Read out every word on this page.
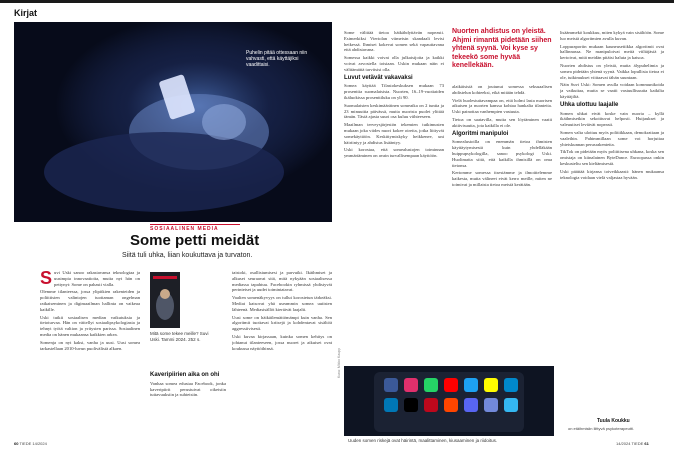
Kirjat
Puhelin pitää ottessaan niin vahvasti, että käyttäjiksi vaadittaisi.
SOSIAALINEN MEDIA
Some petti meidät
Siitä tuli uhka, liian koukuttava ja turvaton.
S uvi Uski sanoo rakastavansa teknologiaa ja uusimpia innovaatioita, mutta nyt hän on pettynyt: Some on pahasti vialla.

Olemme tilanteessa, jossa ylipitkien rakenteiden ja poliittisten valintojen tuottaman ongelman ratkaiseminen ja digimaailman hallinta on vaikeaa kaikille.

Uski tutkii sosiaalisen median vaikutuksia ja tietoturvaa. Hän on väitellyt sosiaalipsykologiasta ja tehnyt työtä valtion ja yritysten parissa. Sosiaalinen media on hänen mukaansa kaikkien arkea.

Somenja on nyt kaksi, vanha ja uusi. Uusi somea tarkastellaan 2010-luvun puolivälistä alkaen.

Mitä some tekee meille? Suvi Uski. Tammi 2024. 252 s.

taistoki, osallistumisesi ja parvuiki. Ikäihmiset ja alkuset seuraavat sitä, mitä nykyään sosiaalisessa mediassa tapahtuu. Facebookin ryhmissä yhdistyvät perinteiset ja uudet toimintatavat.

Vaalien somenäkyvyys on tullut korostetun tärkeäksi. Mediat katsovat yhä useammin somea uutisten lähteenä. Mediasisällöt kiertävät laajalti.

Uusi some on häikäilemättömämpi kuin vanha. Sen algoritmit tuottavat kriisejä ja kohdentavat sisältöä aggressiivisesti.

Uski kuvaa kirjassaan, kuinka somen kehitys on johtanut tilanteeseen, jossa nuoret ja aikuiset ovat koukussa näyttöihinsä.

Kaveripiirien aika on ohi

Vanhaa somea edustaa Facebook, jonka kaveripiirit perustuivat oikeisiin tuttavuuksiin ja suhteisiin.

Some välittää tietoa hätkähdyttävän nopeasti. Esimerkiksi Viertolan viimeisin skandaali levisi hetkessä. Ihmiset kokevat somen sekä vapauttavana että ahdistavana.

Somessa kaikki voivat olla julkaisijoita ja kaikki voivat arvostella toisiaan. Uskin mukaan näin ei välttämättä tarvitsisi olla.

Luvut vetävät vakavaksi

Somea käyttää Tilastokeskuksen mukaan 73 prosenttia suomalaisista. Nuorten, 16–19-vuotiaiden ikäluokissa prosenttiluku on yli 90.

Suomalaisten keskimääräinen someaika on 2 tuntia ja 23 minuuttia päivässä, mutta nuorista puolet ylittää tämän. Tästä ajasta suuri osa kuluu viihteeseen.

Maailman terveysjärjestön tekemien tutkimusten mukaan joka viides nuori kokee oireita, jotka liittyvät somekäyttöön. Keskittymiskyky heikkenee, uni häiriintyy ja ahdistus lisääntyy.

Uski korostaa, että somealustojen toiminnan ymmärtäminen on avain turvallisempaan käyttöön.

Nuorten ahdistus on yleistä. Ahjmi rimantä pidetään siihen yhtenä syynä. Voi kyse sy tekeekö some hyvää kenellekään.

alaikäisistä on joutunut somessa seksuaalisen ahdistelun kohteeksi, eikä mitään tehdä.

Vielä huolestuttavampaa on, että holmi lasta nuorisen aikuisen ja nuorten kanssa kohtaa hankalia tilanteita. Uski painottaa vanhempien vastuuta.

Tietoa on saatavilla, mutta sen löytäminen vaatii aktiivisuutta, jota kaikilla ei ole.

Algoritmi manipuloi

Somealustoilla on enemmän tietoa ihmisten käyttäytymisestä kuin yhdelläkään huippupsykologilla, sanoo psykologi Uski. Huolimatta siitä, että kaikilla ihmisillä on oma tietonsa.

Kertomme somessa itsestämme ja ilmoittelemme kaikesta, mutta välineet eivät kerro meille, miten ne toimivat ja millaista tietoa meistä kerätään.

lisäämmekö koukkuu, miten kykyä vain sisältöön. Some luo meistä algoritmien avulla kuvan.

Loppuraportin mukaan kauneusetiikka algoritmit ovat hallinnassa. Ne manipuloivat meitä viiltäjäsiä ja kertoivat, mitä meidän pitäisi haluta ja katsoa.

Nuorten ahdistus on yleistä, mutta älypuhelimia ja somea pidetään yhtenä syynä. Vaikka lopullista tietoa ei ole, tutkimukset viittaavat tähän suuntaan.

Näin Suvi Uski: Somen avulla voidaan kommunikoida ja vaikuttaa, mutta se vaatii vastuullisuutta kaikilta käyttäjiltä.

Uhka ulottuu laajalle

Somen uhkat eivät koske vain nuoria – kyllä ikäihmisetkin sekoittuvat helposti. Huijaukset ja valeuutiset leviävät nopeasti.

Somen valta ulottuu myös politiikkaan, demokratiaan ja vaaleihin. Pahimmillaan some voi horjuttaa yhteiskunnan perusrakenteita.

TikTok on pidetään myös poliittisena uhkana, koska sen omistaja on kiinalainen ByteDance. Euroopassa onkin keskusteltu sen kieltämisestä.

Uski päättää kirjansa toiveikkaasti: hänen mukaansa teknologia voidaan vielä valjastaa hyvään.

Tuula Koukku
on etäihmisiin liittyvä psykoterapeutti.
Kuva: Mikko Kaupp
Uuden somen riskejä ovat häirintä, maalittaminen, kiusaaminen ja riidoitus.
60 TIEDE 14/2024	14/2024 TIEDE 61
